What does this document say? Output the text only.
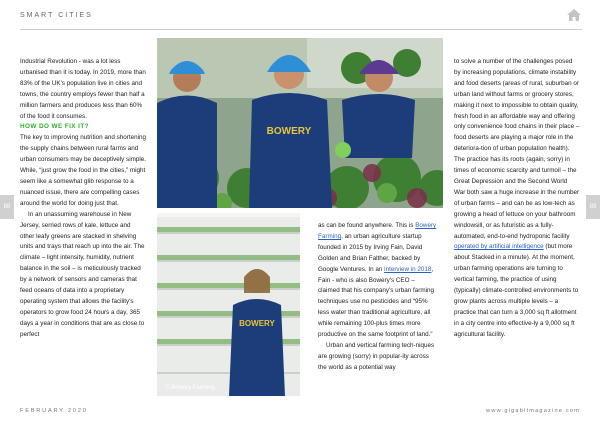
SMART CITIES
88	89

Industrial Revolution - was a lot less urbanised than it is today. In 2019, more than 83% of the UK's population live in cities and towns, the country employs fewer than half a million farmers and produces less than 60% of the food it consumes.

HOW DO WE FIX IT?

The key to improving nutrition and shortening the supply chains between rural farms and urban consumers may be deceptively simple. While, “just grow the food in the cities,” might seem like a somewhat glib response to a nuanced issue, there are compelling cases around the world for doing just that.

In an unassuming warehouse in New Jersey, serried rows of kale, lettuce and other leafy greens are stacked in shelving units and trays that reach up into the air. The climate – light intensity, humidity, nutrient balance in the soil – is meticulously tracked by a network of sensors and cameras that feed oceans of data into a proprietary operating system that allows the facility's operators to grow food 24 hours a day, 365 days a year in conditions that are as close to perfect

BOWERY
BOWERY
© Bowery Farming

as can be found anywhere. This is Bowery Farming, an urban agriculture startup founded in 2015 by Irving Fain, David Golden and Brian Falther, backed by Google Ventures. In an interview in 2018, Fain - who is also Bowery's CEO – claimed that his company's urban farming techniques use no pesticides and “95% less water than traditional agriculture, all while remaining 100-plus times more productive on the same footprint of land.”

Urban and vertical farming tech-niques are growing (sorry) in popular-ity across the world as a potential way

to solve a number of the challenges posed by increasing populations, climate instability and food deserts (areas of rural, suburban or urban land without farms or grocery stores, making it next to impossible to obtain quality, fresh food in an affordable way and offering only convenience food chains in their place – food deserts are playing a major role in the deteriora-tion of urban population health). The practice has its roots (again, sorry) in times of economic scarcity and turmoil – the Great Depression and the Second World War both saw a huge increase in the number of urban farms – and can be as low-tech as growing a head of lettuce on your bathroom windowsill, or as futuristic as a fully-automated, end-to-end hydroponic facility operated by artificial intelligence (but more about Stacked in a minute). At the moment, urban farming operations are turning to vertical farming, the practice of using (typically) climate-controlled environments to grow plants across multiple levels – a practice that can turn a 3,000 sq ft allotment in a city centre into effective-ly a 9,000 sq ft agricultural facility.

FEBRUARY 2020	www.gigabitmagazine.com
